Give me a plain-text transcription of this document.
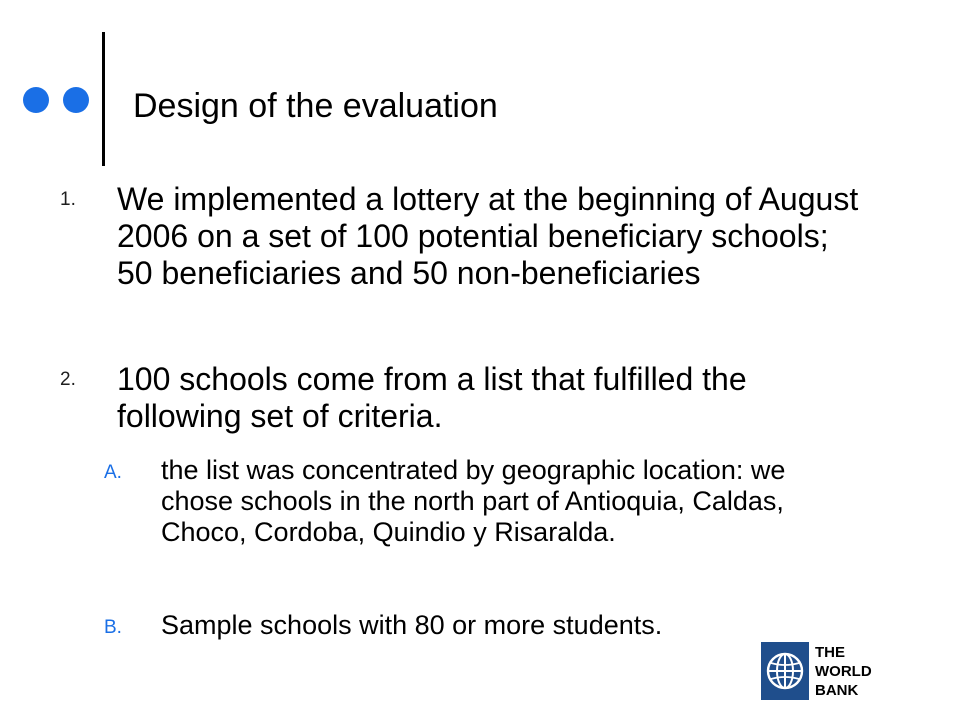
Design of the evaluation
1. We implemented a lottery at the beginning of August 2006 on a set of 100 potential beneficiary schools; 50 beneficiaries and 50 non-beneficiaries
2. 100 schools come from a list that fulfilled the following set of criteria.
A. the list was concentrated by geographic location: we chose schools in the north part of Antioquia, Caldas, Choco, Cordoba, Quindio y Risaralda.
B. Sample schools with 80 or more students.
THE
WORLD
BANK
